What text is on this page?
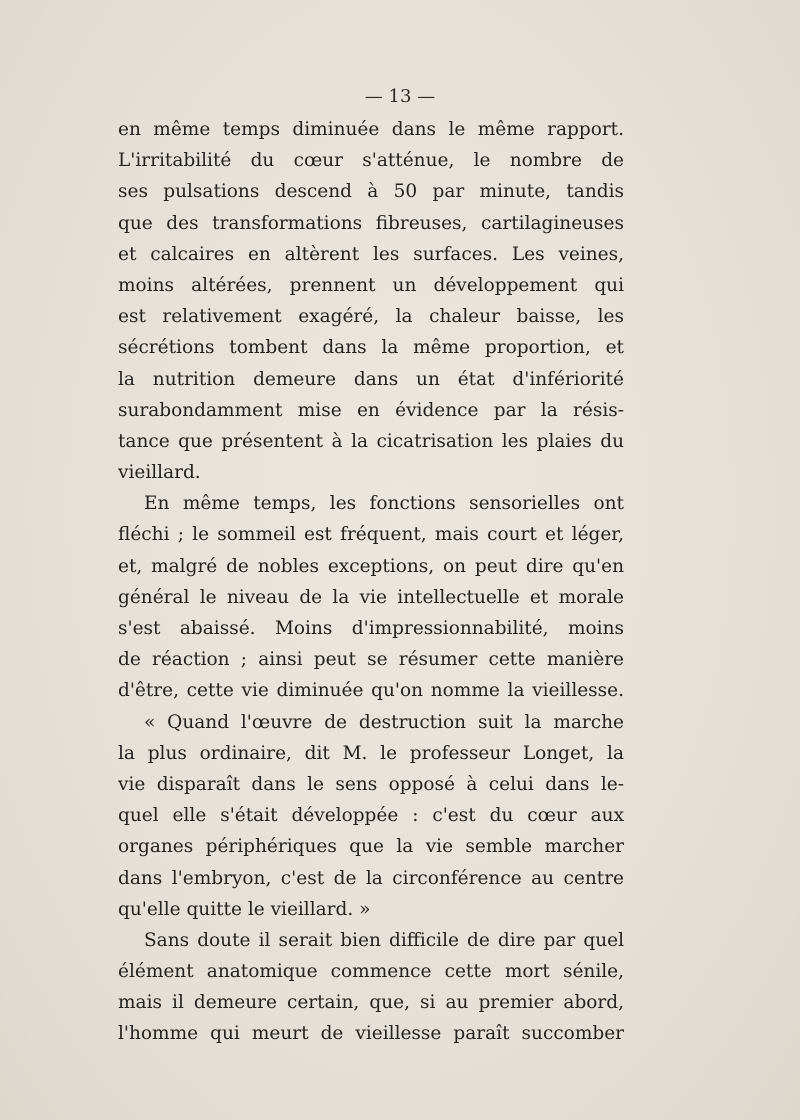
— 13 —
en même temps diminuée dans le même rapport.
L'irritabilité du cœur s'atténue, le nombre de
ses pulsations descend à 50 par minute, tandis
que des transformations fibreuses, cartilagineuses
et calcaires en altèrent les surfaces. Les veines,
moins altérées, prennent un développement qui
est relativement exagéré, la chaleur baisse, les
sécrétions tombent dans la même proportion, et
la nutrition demeure dans un état d'infériorité
surabondamment mise en évidence par la résis-
tance que présentent à la cicatrisation les plaies du
vieillard.
En même temps, les fonctions sensorielles ont
fléchi ; le sommeil est fréquent, mais court et léger,
et, malgré de nobles exceptions, on peut dire qu'en
général le niveau de la vie intellectuelle et morale
s'est abaissé. Moins d'impressionnabilité, moins
de réaction ; ainsi peut se résumer cette manière
d'être, cette vie diminuée qu'on nomme la vieillesse.
« Quand l'œuvre de destruction suit la marche
la plus ordinaire, dit M. le professeur Longet, la
vie disparaît dans le sens opposé à celui dans le-
quel elle s'était développée : c'est du cœur aux
organes périphériques que la vie semble marcher
dans l'embryon, c'est de la circonférence au centre
qu'elle quitte le vieillard. »
Sans doute il serait bien difficile de dire par quel
élément anatomique commence cette mort sénile,
mais il demeure certain, que, si au premier abord,
l'homme qui meurt de vieillesse paraît succomber
